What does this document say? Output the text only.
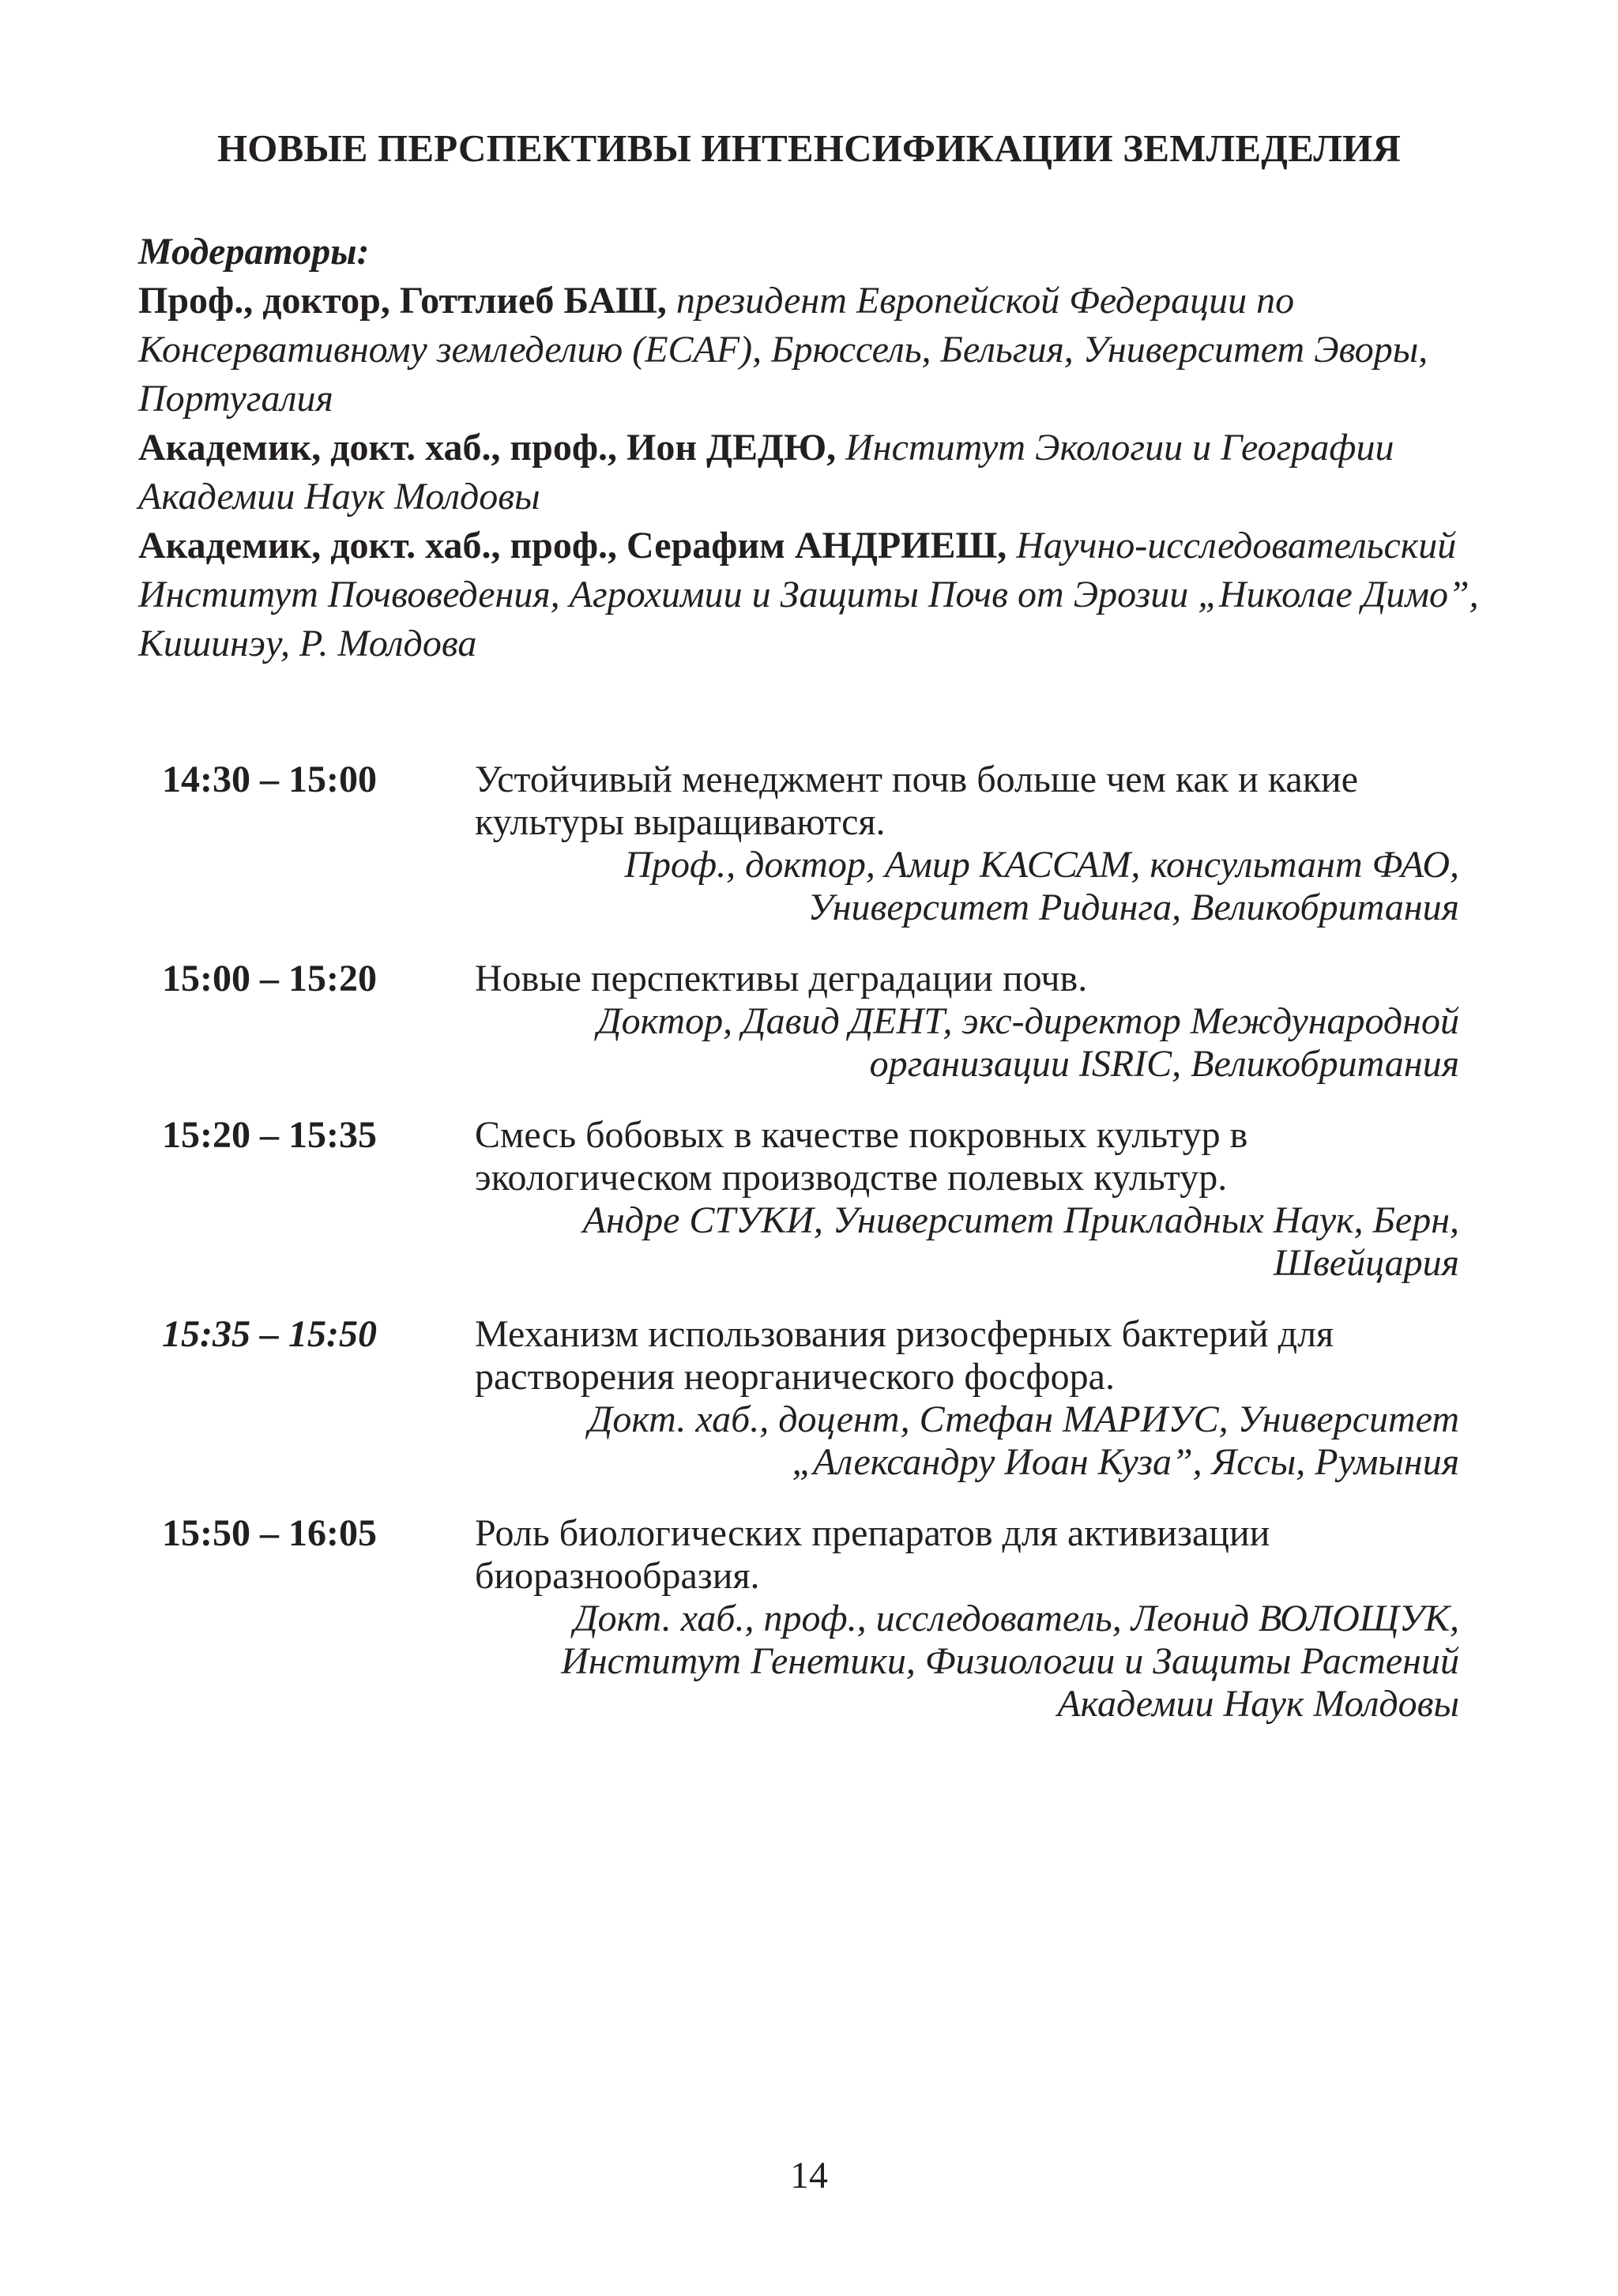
НОВЫЕ ПЕРСПЕКТИВЫ ИНТЕНСИФИКАЦИИ ЗЕМЛЕДЕЛИЯ
Модераторы:
Проф., доктор, Готтлиеб БАШ, президент Европейской Федерации по Консервативному земледелию (ECAF), Брюссель, Бельгия, Университет Эворы, Португалия
Академик, докт. хаб., проф., Ион ДЕДЮ, Институт Экологии и Географии Академии Наук Молдовы
Академик, докт. хаб., проф., Серафим АНДРИЕШ, Научно-исследовательский Институт Почвоведения, Агрохимии и Защиты Почв от Эрозии „Николае Димо”, Кишинэу, Р. Молдова
14:30 – 15:00	Устойчивый менеджмент почв больше чем как и какие культуры выращиваются.
Проф., доктор, Амир КАССАМ, консультант ФАО, Университет Ридинга, Великобритания
15:00 – 15:20	Новые перспективы деградации почв.
Доктор, Давид ДЕНТ, экс-директор Международной организации ISRIC, Великобритания
15:20 – 15:35	Смесь бобовых в качестве покровных культур в экологическом производстве полевых культур.
Андре СТУКИ, Университет Прикладных Наук, Берн, Швейцария
15:35 – 15:50	Механизм использования ризосферных бактерий для растворения неорганического фосфора.
Докт. хаб., доцент, Стефан МАРИУС, Университет „Александру Иоан Куза”, Яссы, Румыния
15:50 – 16:05	Роль биологических препаратов для активизации биоразнообразия.
Докт. хаб., проф., исследователь, Леонид ВОЛОЩУК, Институт Генетики, Физиологии и Защиты Растений Академии Наук Молдовы
14
